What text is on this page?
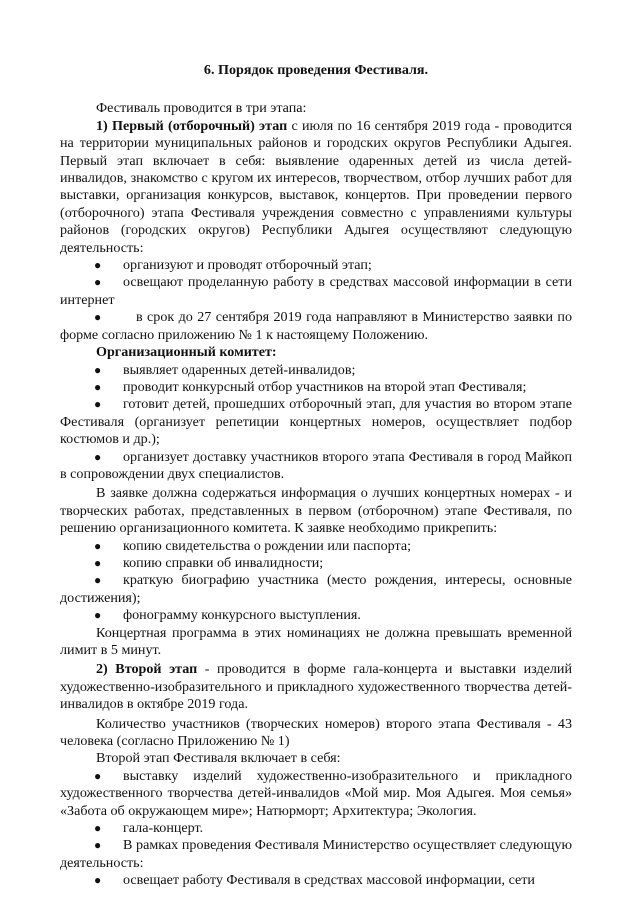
6. Порядок проведения Фестиваля.

Фестиваль проводится в три этапа:

1) Первый (отборочный) этап с июля по 16 сентября 2019 года - проводится на территории муниципальных районов и городских округов Республики Адыгея. Первый этап включает в себя: выявление одаренных детей из числа детей-инвалидов, знакомство с кругом их интересов, творчеством, отбор лучших работ для выставки, организация конкурсов, выставок, концертов. При проведении первого (отборочного) этапа Фестиваля учреждения совместно с управлениями культуры районов (городских округов) Республики Адыгея осуществляют следующую деятельность:

●	организуют и проводят отборочный этап;
●	освещают проделанную работу в средствах массовой информации в сети интернет
●	в срок до 27 сентября 2019 года направляют в Министерство заявки по форме согласно приложению № 1 к настоящему Положению.

Организационный комитет:

●	выявляет одаренных детей-инвалидов;
●	проводит конкурсный отбор участников на второй этап Фестиваля;
●	готовит детей, прошедших отборочный этап, для участия во втором этапе Фестиваля (организует репетиции концертных номеров, осуществляет подбор костюмов и др.);
●	организует доставку участников второго этапа Фестиваля в город Майкоп в сопровождении двух специалистов.

В заявке должна содержаться информация о лучших концертных номерах - и творческих работах, представленных в первом (отборочном) этапе Фестиваля, по решению организационного комитета. К заявке необходимо прикрепить:

●	копию свидетельства о рождении или паспорта;
●	копию справки об инвалидности;
●	краткую биографию участника (место рождения, интересы, основные достижения);
●	фонограмму конкурсного выступления.

Концертная программа в этих номинациях не должна превышать временной лимит в 5 минут.

2) Второй этап - проводится в форме гала-концерта и выставки изделий художественно-изобразительного и прикладного художественного творчества детей-инвалидов в октябре 2019 года.

Количество участников (творческих номеров) второго этапа Фестиваля - 43 человека (согласно Приложению № 1)

Второй этап Фестиваля включает в себя:

●	выставку изделий художественно-изобразительного и прикладного художественного творчества детей-инвалидов «Мой мир. Моя Адыгея. Моя семья» «Забота об окружающем мире»; Натюрморт; Архитектура; Экология.
●	гала-концерт.
●	В рамках проведения Фестиваля Министерство осуществляет следующую деятельность:
●	освещает работу Фестиваля в средствах массовой информации, сети
